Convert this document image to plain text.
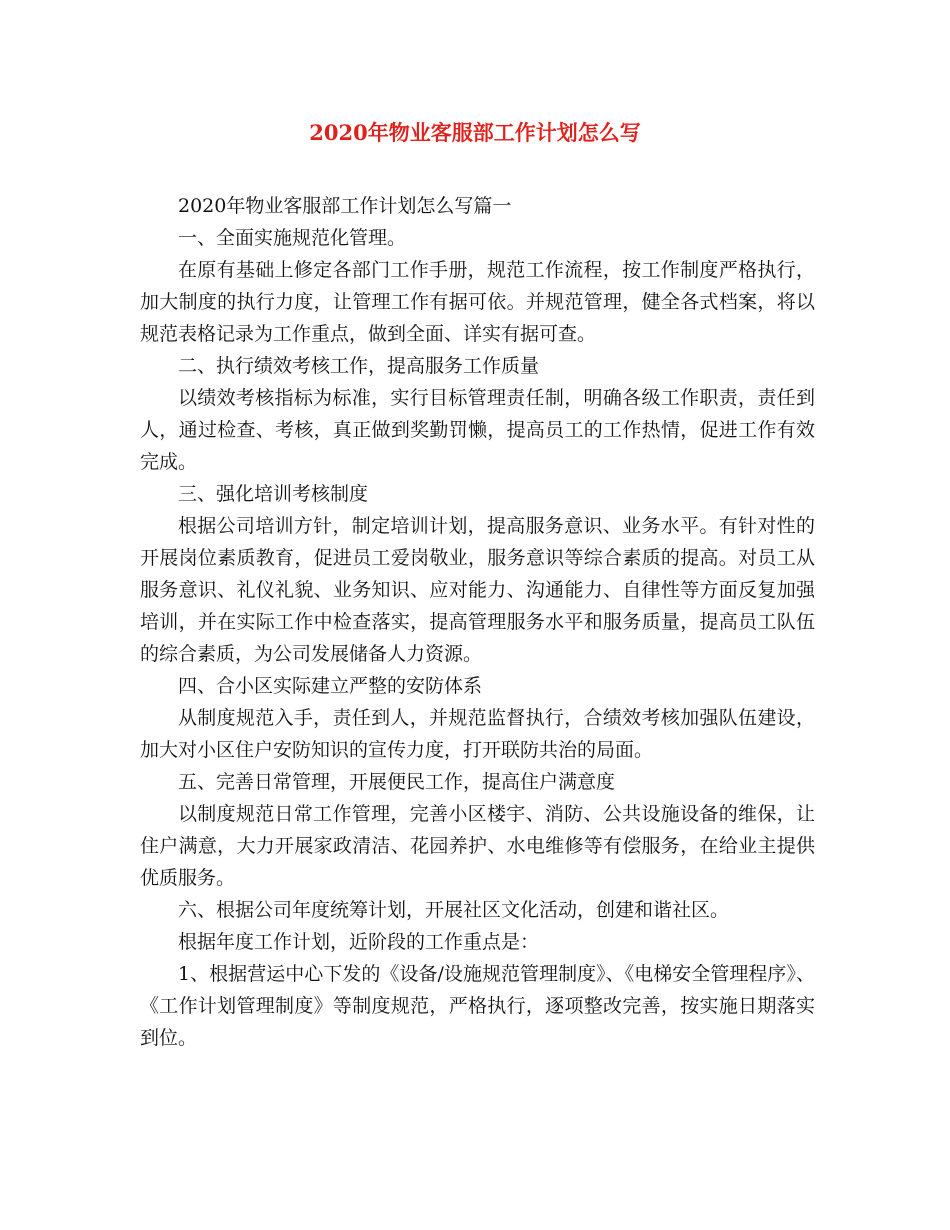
2020年物业客服部工作计划怎么写

2020年物业客服部工作计划怎么写篇一

一、全面实施规范化管理。

在原有基础上修定各部门工作手册，规范工作流程，按工作制度严格执行，加大制度的执行力度，让管理工作有据可依。并规范管理，健全各式档案，将以规范表格记录为工作重点，做到全面、详实有据可查。

二、执行绩效考核工作，提高服务工作质量

以绩效考核指标为标准，实行目标管理责任制，明确各级工作职责，责任到人，通过检查、考核，真正做到奖勤罚懒，提高员工的工作热情，促进工作有效完成。

三、强化培训考核制度

根据公司培训方针，制定培训计划，提高服务意识、业务水平。有针对性的开展岗位素质教育，促进员工爱岗敬业，服务意识等综合素质的提高。对员工从服务意识、礼仪礼貌、业务知识、应对能力、沟通能力、自律性等方面反复加强培训，并在实际工作中检查落实，提高管理服务水平和服务质量，提高员工队伍的综合素质，为公司发展储备人力资源。

四、合小区实际建立严整的安防体系

从制度规范入手，责任到人，并规范监督执行，合绩效考核加强队伍建设，加大对小区住户安防知识的宣传力度，打开联防共治的局面。

五、完善日常管理，开展便民工作，提高住户满意度

以制度规范日常工作管理，完善小区楼宇、消防、公共设施设备的维保，让住户满意，大力开展家政清洁、花园养护、水电维修等有偿服务，在给业主提供优质服务。

六、根据公司年度统筹计划，开展社区文化活动，创建和谐社区。

根据年度工作计划，近阶段的工作重点是：

1、根据营运中心下发的《设备/设施规范管理制度》、《电梯安全管理程序》、《工作计划管理制度》等制度规范，严格执行，逐项整改完善，按实施日期落实到位。
